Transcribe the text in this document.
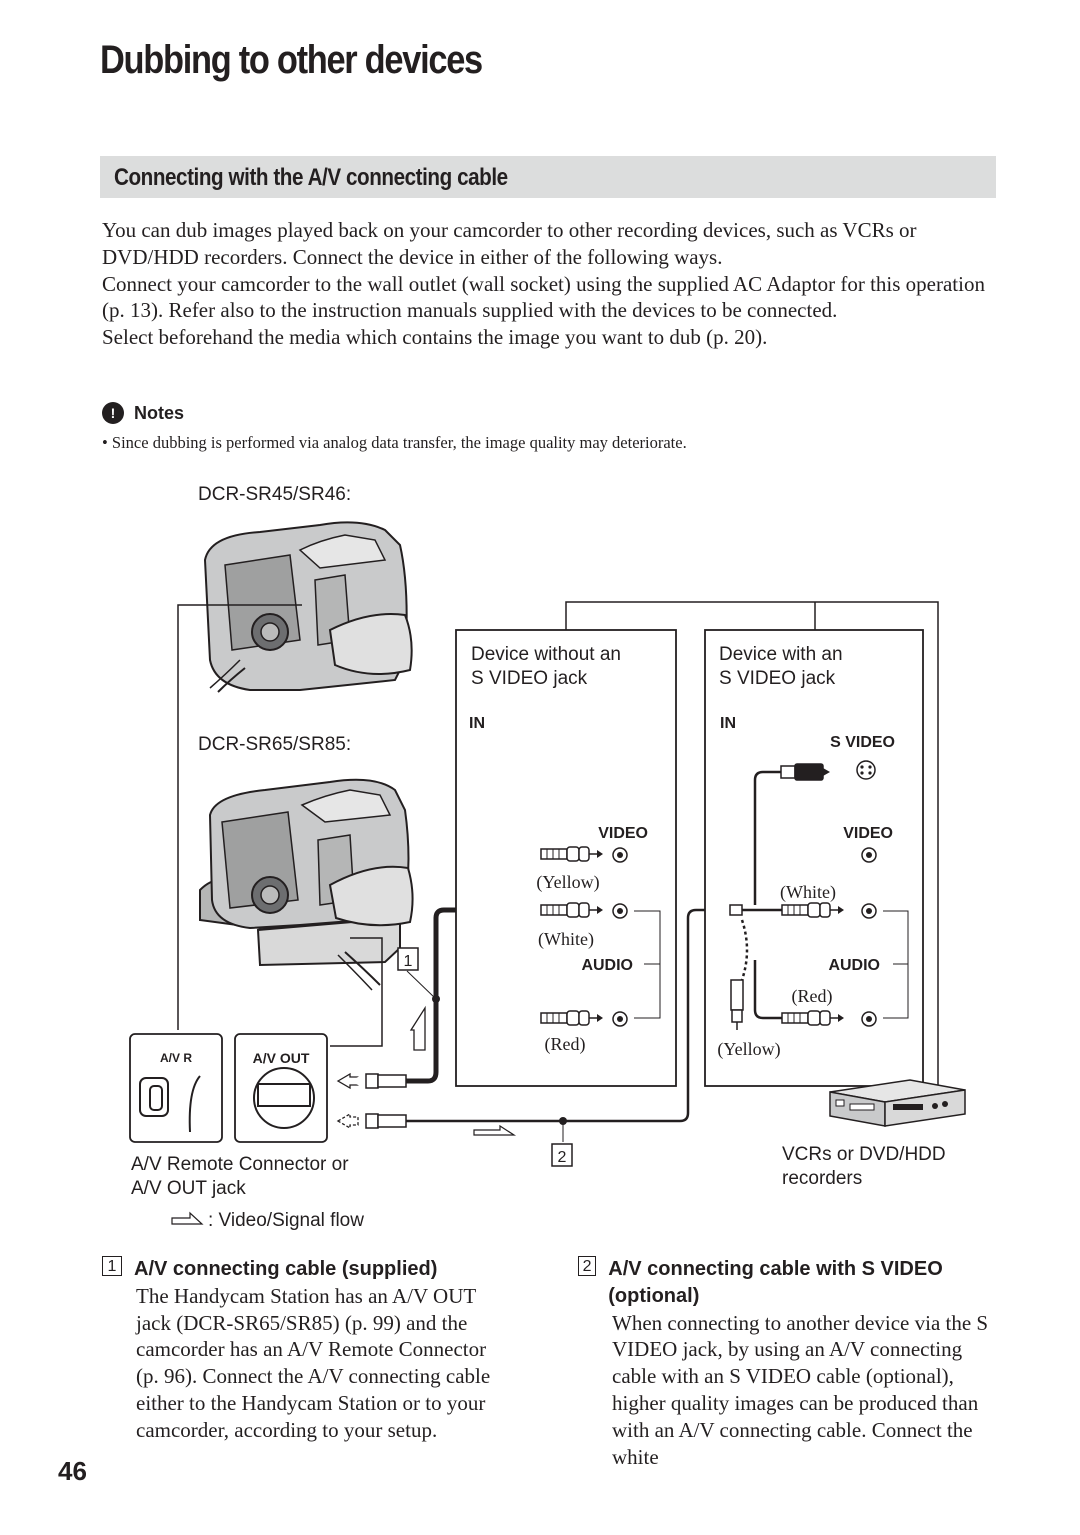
Dubbing to other devices
Connecting with the A/V connecting cable

You can dub images played back on your camcorder to other recording devices, such as VCRs or DVD/HDD recorders. Connect the device in either of the following ways.

Connect your camcorder to the wall outlet (wall socket) using the supplied AC Adaptor for this operation (p. 13). Refer also to the instruction manuals supplied with the devices to be connected.

Select beforehand the media which contains the image you want to dub (p. 20).

!	Notes
• Since dubbing is performed via analog data transfer, the image quality may deteriorate.
DCR-SR45/SR46:
DCR-SR65/SR85:
A/V R	A/V OUT
A/V Remote Connector or
A/V OUT jack
: Video/Signal flow
1
2
Device without an
S VIDEO jack
IN
VIDEO
(Yellow)
(White)
AUDIO
(Red)
Device with an
S VIDEO jack
IN
S VIDEO
VIDEO
(White)
AUDIO
(Yellow)
(Red)
VCRs or DVD/HDD
recorders
1 A/V connecting cable (supplied)
The Handycam Station has an A/V OUT jack (DCR-SR65/SR85) (p. 99) and the camcorder has an A/V Remote Connector (p. 96). Connect the A/V connecting cable either to the Handycam Station or to your camcorder, according to your setup.
2 A/V connecting cable with S VIDEO (optional)
When connecting to another device via the S VIDEO jack, by using an A/V connecting cable with an S VIDEO cable (optional), higher quality images can be produced than with an A/V connecting cable. Connect the white
46
